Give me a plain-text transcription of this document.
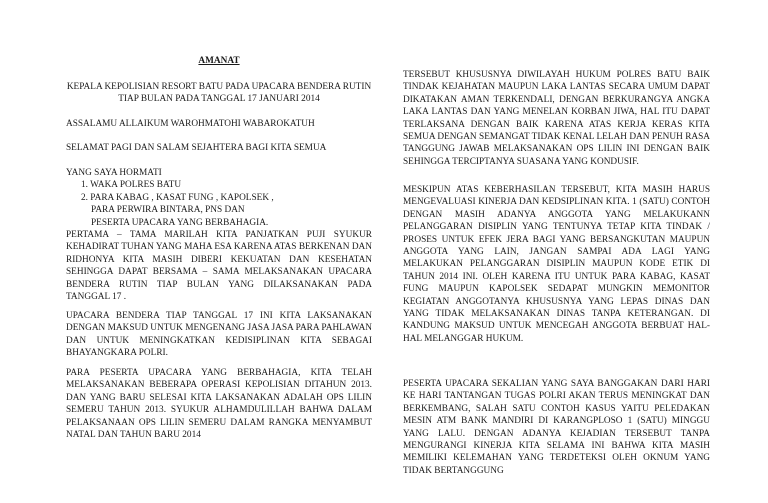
AMANAT
KEPALA KEPOLISIAN RESORT BATU PADA UPACARA BENDERA RUTIN TIAP BULAN PADA TANGGAL 17 JANUARI 2014
ASSALAMU ALLAIKUM WAROHMATOHI WABAROKATUH
SELAMAT PAGI DAN SALAM SEJAHTERA BAGI KITA SEMUA
YANG SAYA HORMATI
1. WAKA POLRES BATU
2. PARA KABAG , KASAT FUNG , KAPOLSEK ,
PARA PERWIRA BINTARA, PNS DAN
PESERTA UPACARA YANG BERBAHAGIA.

PERTAMA – TAMA MARILAH KITA PANJATKAN PUJI SYUKUR KEHADIRAT TUHAN YANG MAHA ESA KARENA ATAS BERKENAN DAN RIDHONYA KITA MASIH DIBERI KEKUATAN DAN KESEHATAN SEHINGGA DAPAT BERSAMA – SAMA MELAKSANAKAN UPACARA BENDERA RUTIN TIAP BULAN YANG DILAKSANAKAN PADA TANGGAL 17 .

UPACARA BENDERA TIAP TANGGAL 17 INI KITA LAKSANAKAN DENGAN MAKSUD UNTUK MENGENANG JASA JASA PARA PAHLAWAN DAN UNTUK MENINGKATKAN KEDISIPLINAN KITA SEBAGAI BHAYANGKARA POLRI.

PARA PESERTA UPACARA YANG BERBAHAGIA, KITA TELAH MELAKSANAKAN BEBERAPA OPERASI KEPOLISIAN DITAHUN 2013. DAN YANG BARU SELESAI KITA LAKSANAKAN ADALAH OPS LILIN SEMERU TAHUN 2013. SYUKUR ALHAMDULILLAH BAHWA DALAM PELAKSANAAN OPS LILIN SEMERU DALAM RANGKA MENYAMBUT NATAL DAN TAHUN BARU 2014

TERSEBUT KHUSUSNYA DIWILAYAH HUKUM POLRES BATU BAIK TINDAK KEJAHATAN MAUPUN LAKA LANTAS SECARA UMUM DAPAT DIKATAKAN AMAN TERKENDALI, DENGAN BERKURANGYA ANGKA LAKA LANTAS DAN YANG MENELAN KORBAN JIWA, HAL ITU DAPAT TERLAKSANA DENGAN BAIK KARENA ATAS KERJA KERAS KITA SEMUA DENGAN SEMANGAT TIDAK KENAL LELAH DAN PENUH RASA TANGGUNG JAWAB MELAKSANAKAN OPS LILIN INI DENGAN BAIK SEHINGGA TERCIPTANYA SUASANA YANG KONDUSIF.

MESKIPUN ATAS KEBERHASILAN TERSEBUT, KITA MASIH HARUS MENGEVALUASI KINERJA DAN KEDSIPLINAN KITA. 1 (SATU) CONTOH DENGAN MASIH ADANYA ANGGOTA YANG MELAKUKANN PELANGGARAN DISIPLIN YANG TENTUNYA TETAP KITA TINDAK / PROSES UNTUK EFEK JERA BAGI YANG BERSANGKUTAN MAUPUN ANGGOTA YANG LAIN, JANGAN SAMPAI ADA LAGI YANG MELAKUKAN PELANGGARAN DISIPLIN MAUPUN KODE ETIK DI TAHUN 2014 INI. OLEH KARENA ITU UNTUK PARA KABAG, KASAT FUNG MAUPUN KAPOLSEK SEDAPAT MUNGKIN MEMONITOR KEGIATAN ANGGOTANYA KHUSUSNYA YANG LEPAS DINAS DAN YANG TIDAK MELAKSANAKAN DINAS TANPA KETERANGAN. DI KANDUNG MAKSUD UNTUK MENCEGAH ANGGOTA BERBUAT HAL-HAL MELANGGAR HUKUM.

PESERTA UPACARA SEKALIAN YANG SAYA BANGGAKAN DARI HARI KE HARI TANTANGAN TUGAS POLRI AKAN TERUS MENINGKAT DAN BERKEMBANG, SALAH SATU CONTOH KASUS YAITU PELEDAKAN MESIN ATM BANK MANDIRI DI KARANGPLOSO 1 (SATU) MINGGU YANG LALU. DENGAN ADANYA KEJADIAN TERSEBUT TANPA MENGURANGI KINERJA KITA SELAMA INI BAHWA KITA MASIH MEMILIKI KELEMAHAN YANG TERDETEKSI OLEH OKNUM YANG TIDAK BERTANGGUNG
